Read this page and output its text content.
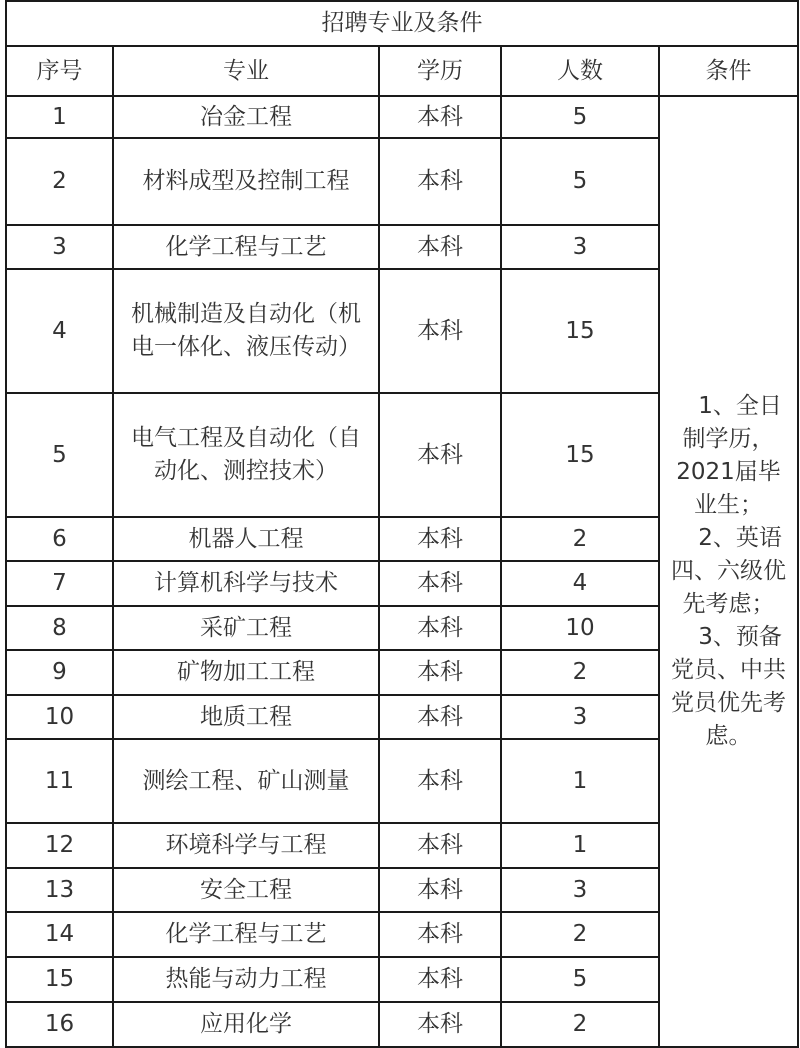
招聘专业及条件				
序号	专业	学历	人数	条件
1	冶金工程	本科	5	　1、全日制学历，2021届毕业生；
　2、英语四、六级优先考虑；
　3、预备党员、中共党员优先考虑。
2	材料成型及控制工程	本科	5	
3	化学工程与工艺	本科	3	
4	机械制造及自动化（机电一体化、液压传动）	本科	15	
5	电气工程及自动化（自动化、测控技术）	本科	15	
6	机器人工程	本科	2	
7	计算机科学与技术	本科	4	
8	采矿工程	本科	10	
9	矿物加工工程	本科	2	
10	地质工程	本科	3	
11	测绘工程、矿山测量	本科	1	
12	环境科学与工程	本科	1	
13	安全工程	本科	3	
14	化学工程与工艺	本科	2	
15	热能与动力工程	本科	5	
16	应用化学	本科	2	
